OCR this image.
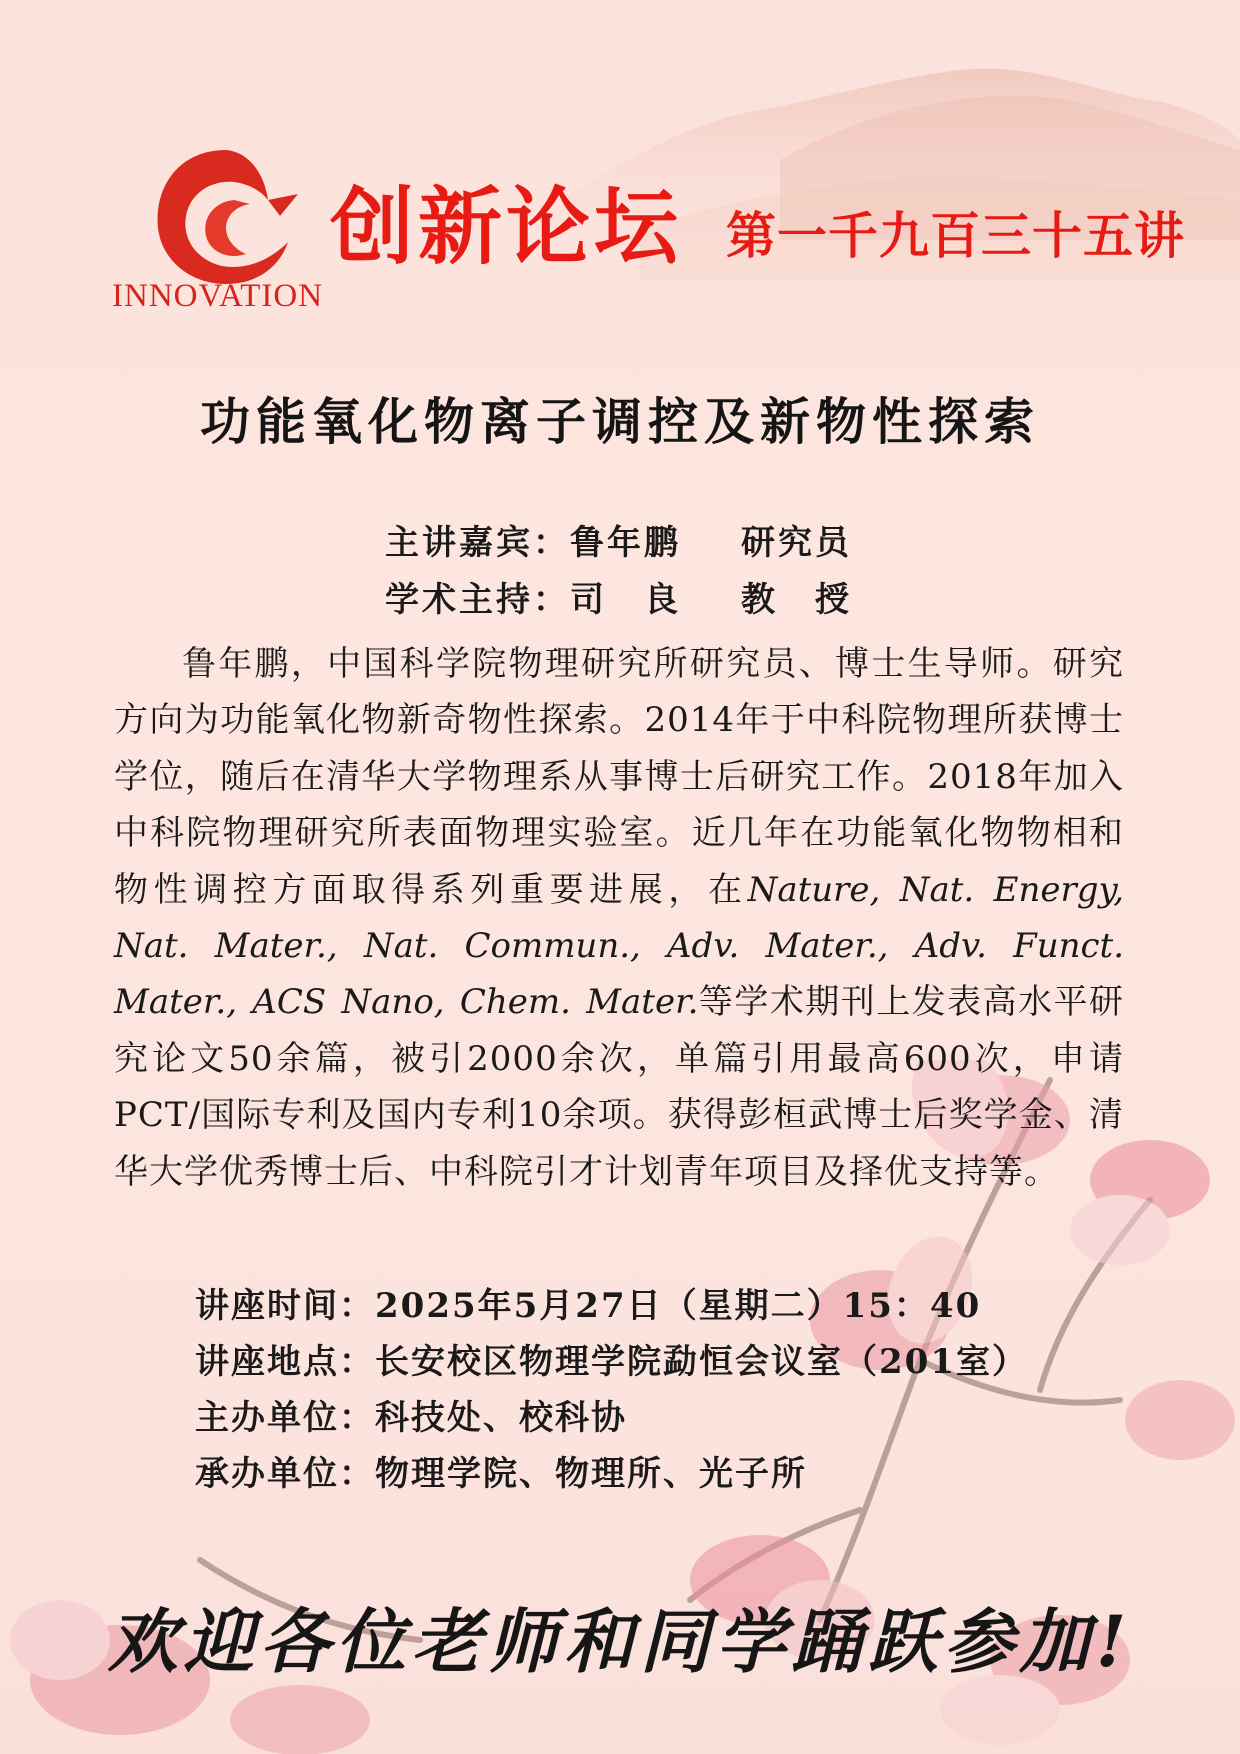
INNOVATION
创新论坛 第一千九百三十五讲
功能氧化物离子调控及新物性探索
主讲嘉宾：鲁年鹏 研究员
学术主持：司　良 教　授

鲁年鹏，中国科学院物理研究所研究员、博士生导师。研究方向为功能氧化物新奇物性探索。2014年于中科院物理所获博士学位，随后在清华大学物理系从事博士后研究工作。2018年加入中科院物理研究所表面物理实验室。近几年在功能氧化物物相和物性调控方面取得系列重要进展，在Nature, Nat. Energy, Nat. Mater., Nat. Commun., Adv. Mater., Adv. Funct. Mater., ACS Nano, Chem. Mater.等学术期刊上发表高水平研究论文50余篇，被引2000余次，单篇引用最高600次，申请PCT/国际专利及国内专利10余项。获得彭桓武博士后奖学金、清华大学优秀博士后、中科院引才计划青年项目及择优支持等。

讲座时间：2025年5月27日（星期二）15：40
讲座地点：长安校区物理学院勐恒会议室（201室）
主办单位：科技处、校科协
承办单位：物理学院、物理所、光子所
欢迎各位老师和同学踊跃参加!
